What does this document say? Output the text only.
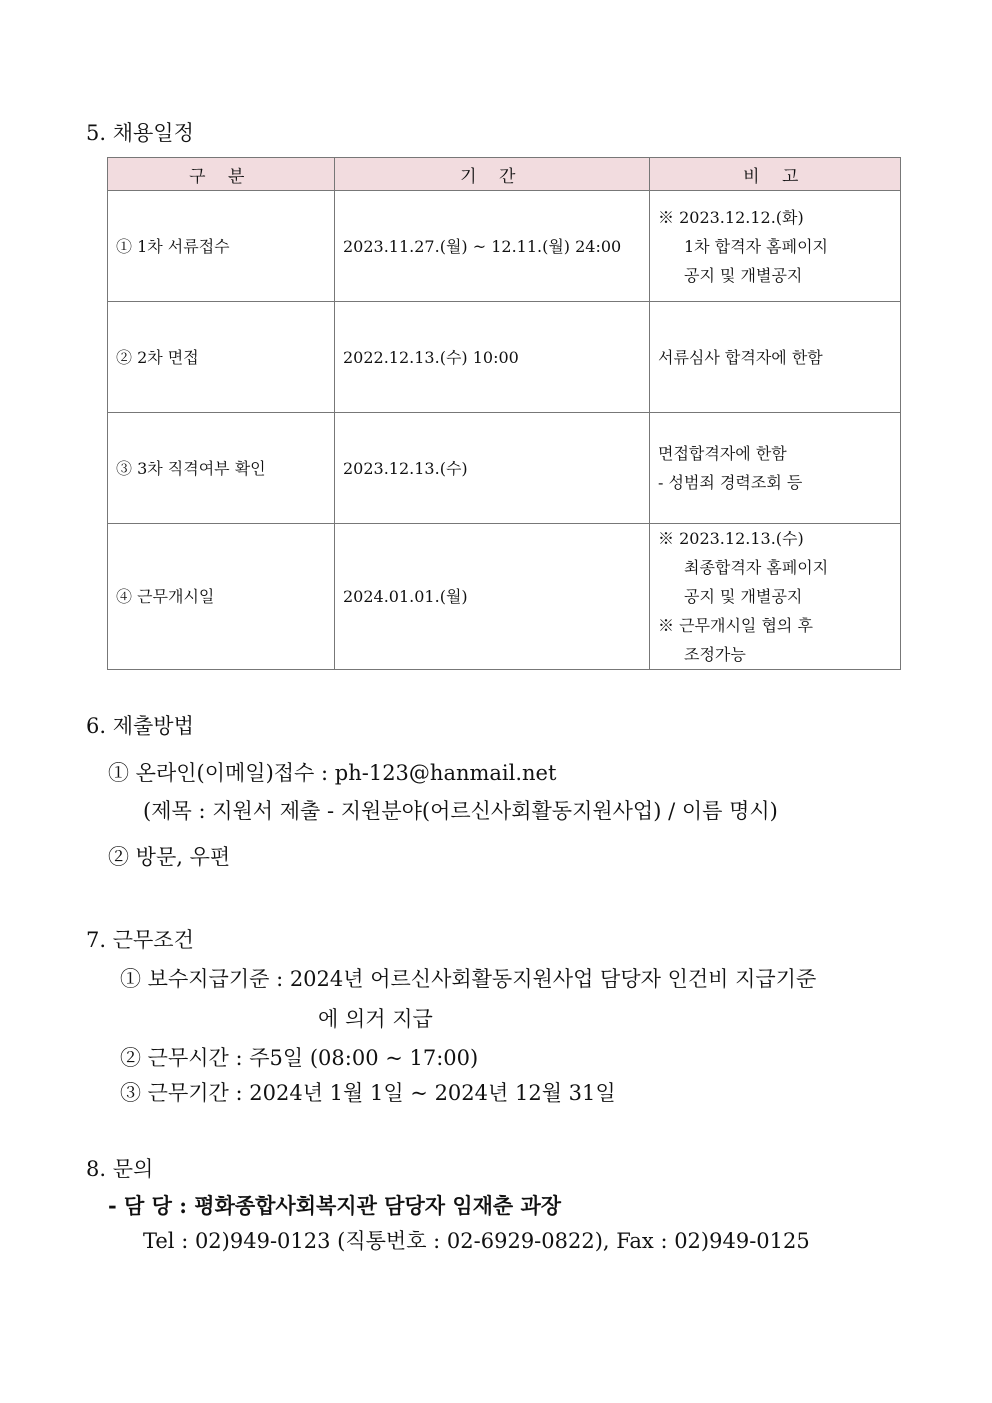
5. 채용일정
구 분	기 간	비 고
① 1차 서류접수	2023.11.27.(월) ~ 12.11.(월) 24:00	※ 2023.12.12.(화)
1차 합격자 홈페이지
공지 및 개별공지

② 2차 면접	2022.12.13.(수) 10:00	서류심사 합격자에 한함

③ 3차 직격여부 확인	2023.12.13.(수)	면접합격자에 한함
- 성범죄 경력조회 등

④ 근무개시일	2024.01.01.(월)	※ 2023.12.13.(수)
최종합격자 홈페이지
공지 및 개별공지
※ 근무개시일 협의 후
조정가능
6. 제출방법
① 온라인(이메일)접수 : ph-123@hanmail.net
(제목 : 지원서 제출 - 지원분야(어르신사회활동지원사업) / 이름 명시)
② 방문, 우편
7. 근무조건
① 보수지급기준 : 2024년 어르신사회활동지원사업 담당자 인건비 지급기준
에 의거 지급
② 근무시간 : 주5일 (08:00 ~ 17:00)
③ 근무기간 : 2024년 1월 1일 ~ 2024년 12월 31일
8. 문의
- 담 당 : 평화종합사회복지관 담당자 임재춘 과장
Tel : 02)949-0123 (직통번호 : 02-6929-0822), Fax : 02)949-0125
